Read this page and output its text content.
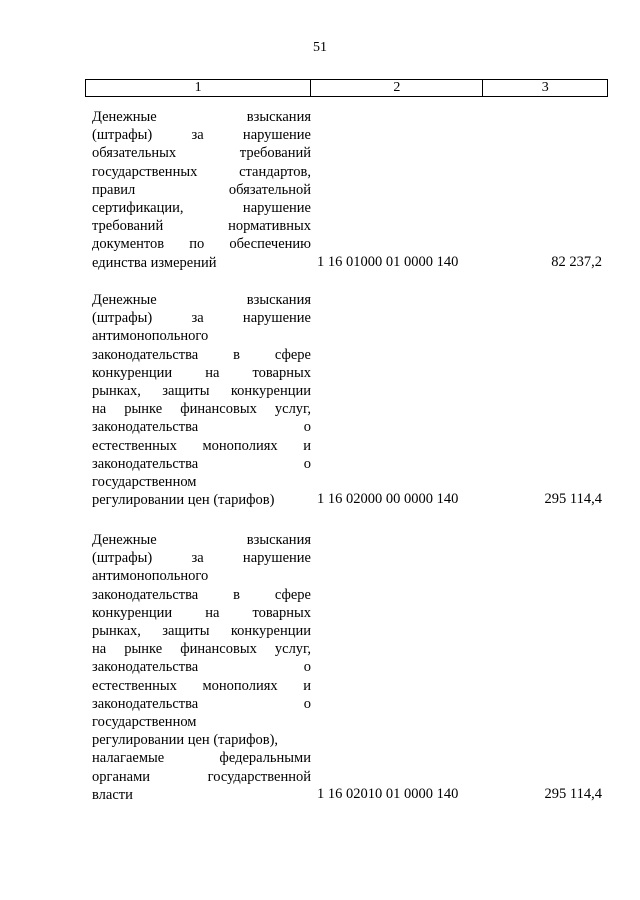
51
1	2	3
Денежные взыскания
(штрафы) за нарушение
обязательных требований
государственных стандартов,
правил обязательной
сертификации, нарушение
требований нормативных
документов по обеспечению
единства измерений	1 16 01000 01 0000 140	82 237,2
Денежные взыскания
(штрафы) за нарушение
антимонопольного
законодательства в сфере
конкуренции на товарных
рынках, защиты конкуренции
на рынке финансовых услуг,
законодательства о
естественных монополиях и
законодательства о
государственном
регулировании цен (тарифов)	1 16 02000 00 0000 140	295 114,4
Денежные взыскания
(штрафы) за нарушение
антимонопольного
законодательства в сфере
конкуренции на товарных
рынках, защиты конкуренции
на рынке финансовых услуг,
законодательства о
естественных монополиях и
законодательства о
государственном
регулировании цен (тарифов),
налагаемые федеральными
органами государственной
власти	1 16 02010 01 0000 140	295 114,4
